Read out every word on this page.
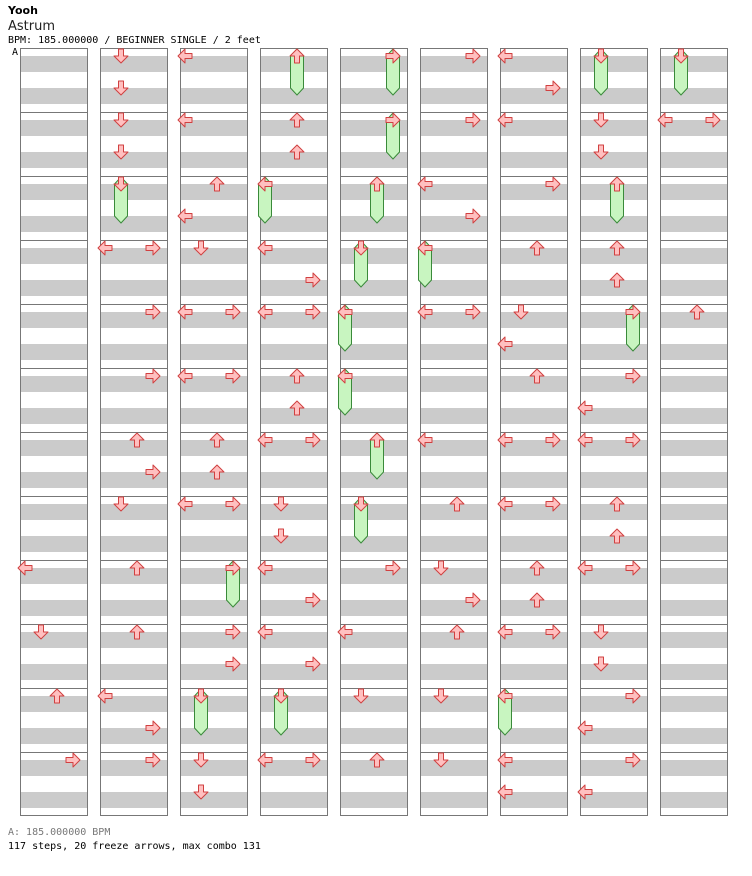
Yooh
Astrum
BPM: 185.000000 / BEGINNER SINGLE / 2 feet
A
A: 185.000000 BPM
117 steps, 20 freeze arrows, max combo 131
